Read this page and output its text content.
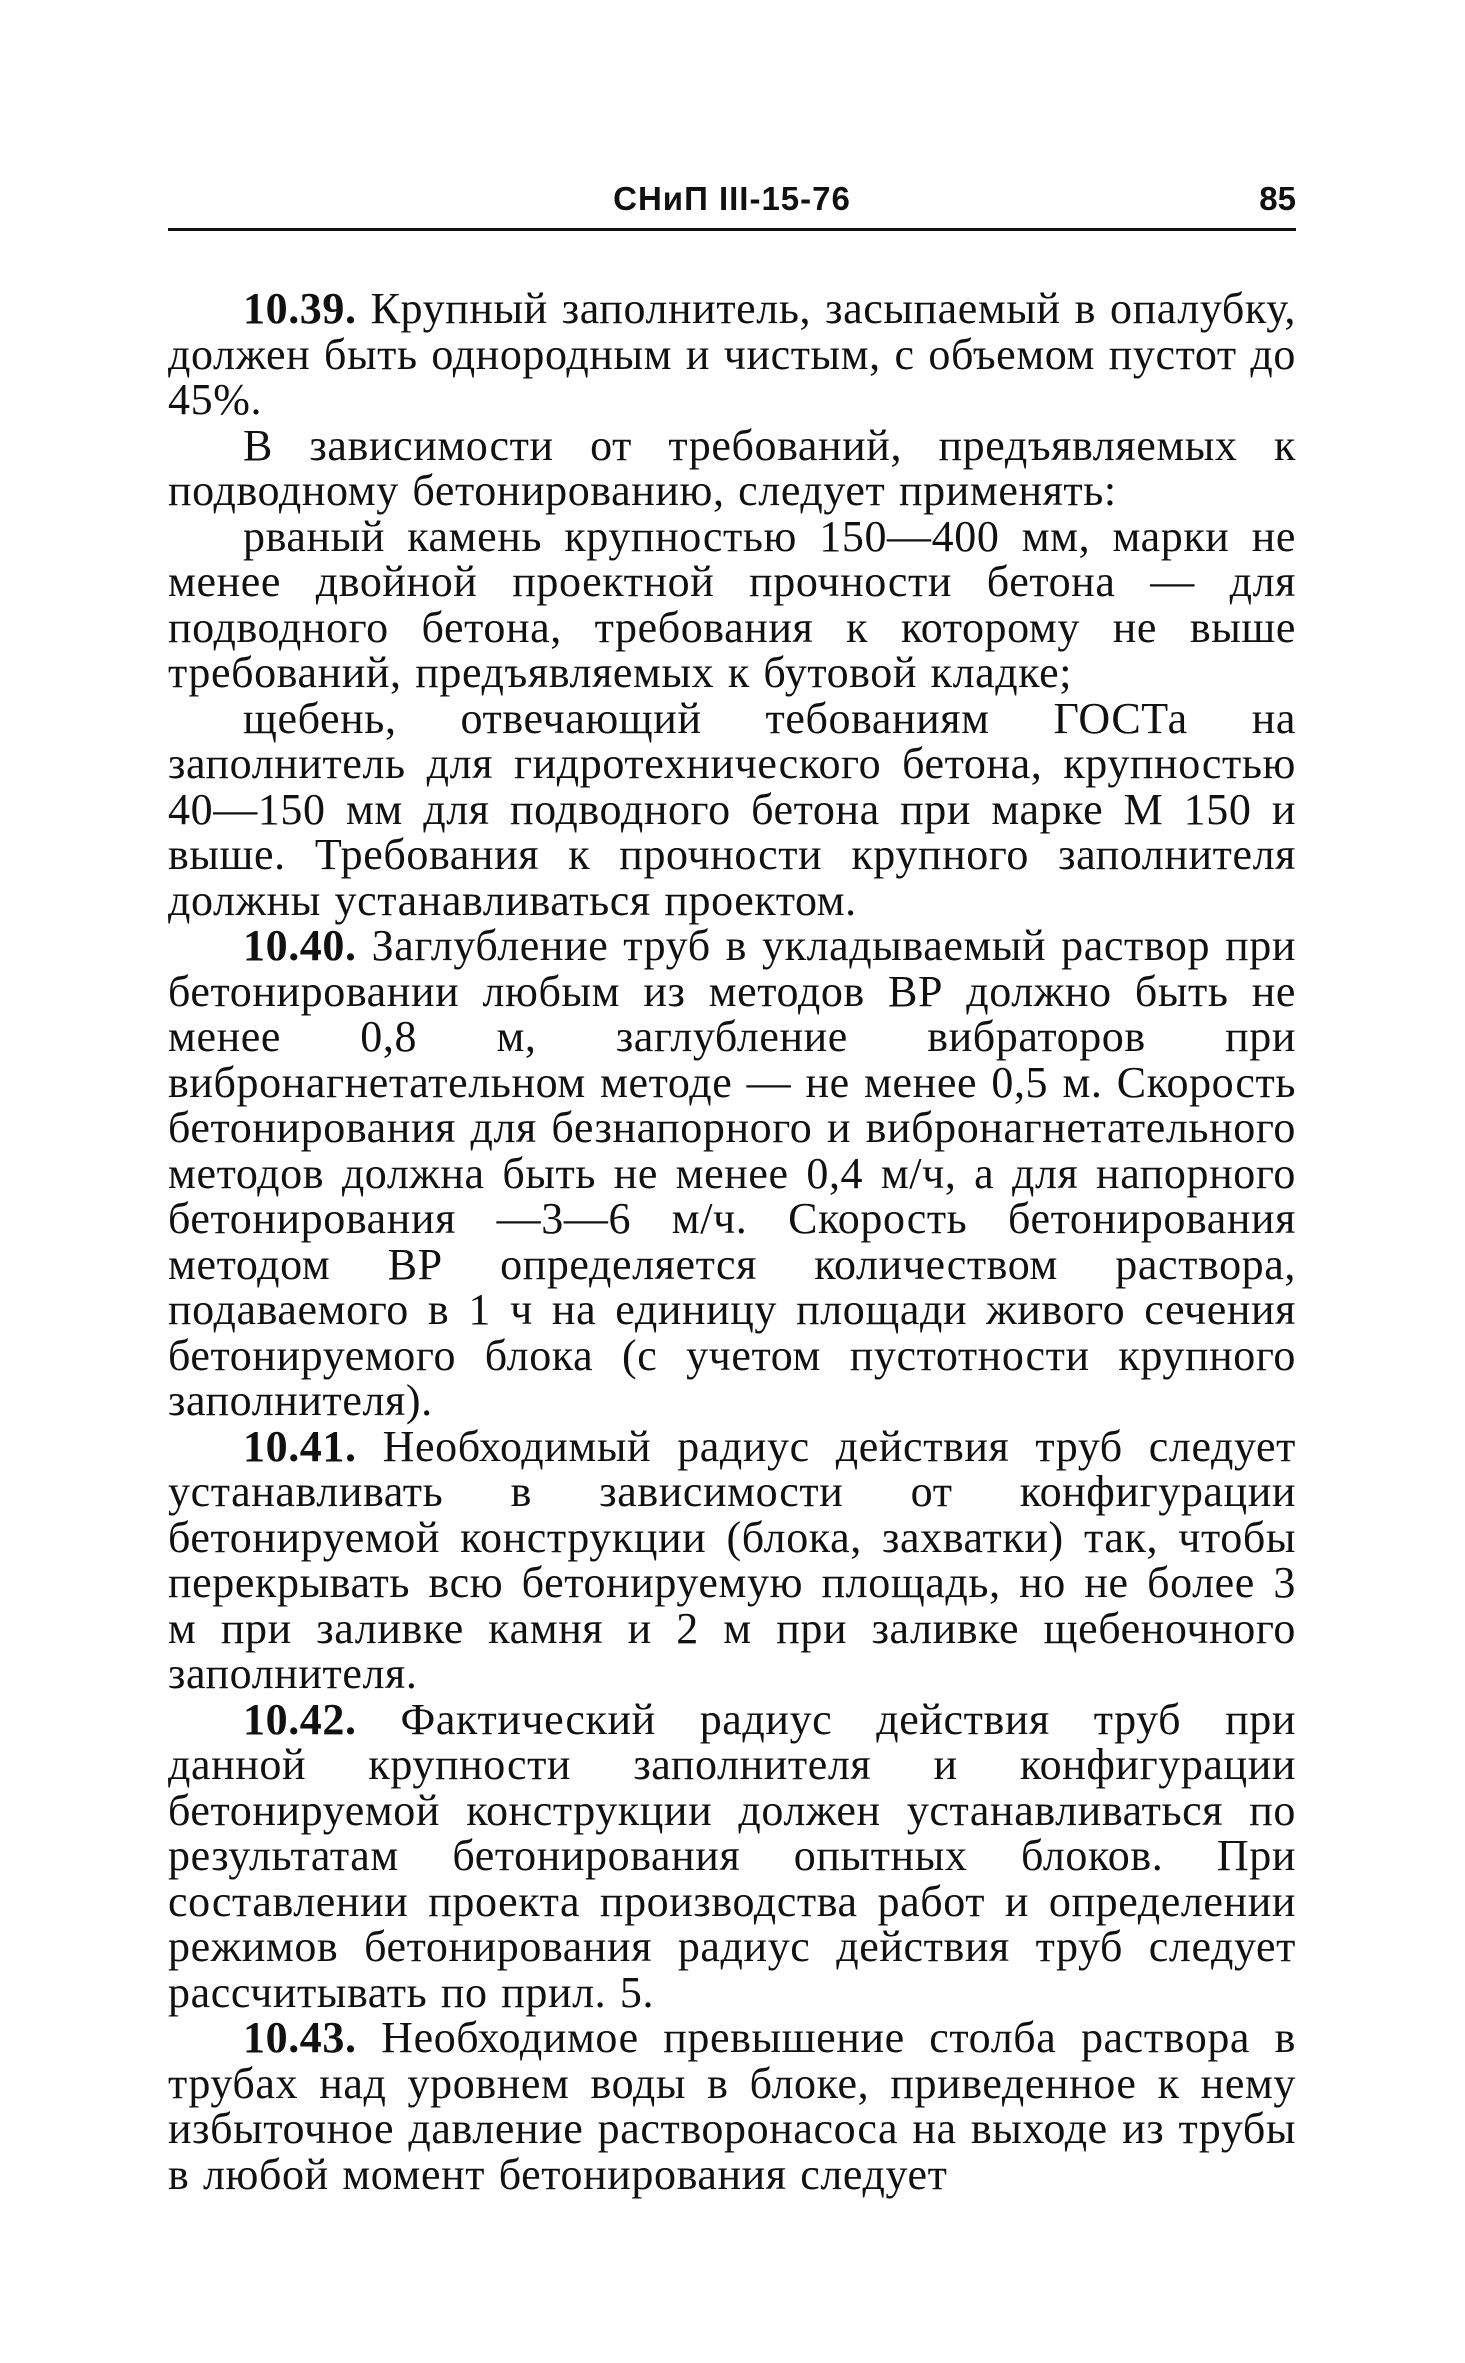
СНиП III-15-76	85

10.39. Крупный заполнитель, засыпаемый в опалубку, должен быть однородным и чистым, с объемом пустот до 45%.

В зависимости от требований, предъявляемых к подводному бетонированию, следует применять:

рваный камень крупностью 150—400 мм, марки не менее двойной проектной прочности бетона — для подводного бетона, требования к которому не выше требований, предъявляемых к бутовой кладке;

щебень, отвечающий тебованиям ГОСТа на заполнитель для гидротехнического бетона, крупностью 40—150 мм для подводного бетона при марке М 150 и выше. Требования к прочности крупного заполнителя должны устанавливаться проектом.

10.40. Заглубление труб в укладываемый раствор при бетонировании любым из методов ВР должно быть не менее 0,8 м, заглубление вибраторов при вибронагнетательном методе — не менее 0,5 м. Скорость бетонирования для безнапорного и вибронагнетательного методов должна быть не менее 0,4 м/ч, а для напорного бетонирования —3—6 м/ч. Скорость бетонирования методом ВР определяется количеством раствора, подаваемого в 1 ч на единицу площади живого сечения бетонируемого блока (с учетом пустотности крупного заполнителя).

10.41. Необходимый радиус действия труб следует устанавливать в зависимости от конфигурации бетонируемой конструкции (блока, захватки) так, чтобы перекрывать всю бетонируемую площадь, но не более 3 м при заливке камня и 2 м при заливке щебеночного заполнителя.

10.42. Фактический радиус действия труб при данной крупности заполнителя и конфигурации бетонируемой конструкции должен устанавливаться по результатам бетонирования опытных блоков. При составлении проекта производства работ и определении режимов бетонирования радиус действия труб следует рассчитывать по прил. 5.

10.43. Необходимое превышение столба раствора в трубах над уровнем воды в блоке, приведенное к нему избыточное давление растворонасоса на выходе из трубы в любой момент бетонирования следует
